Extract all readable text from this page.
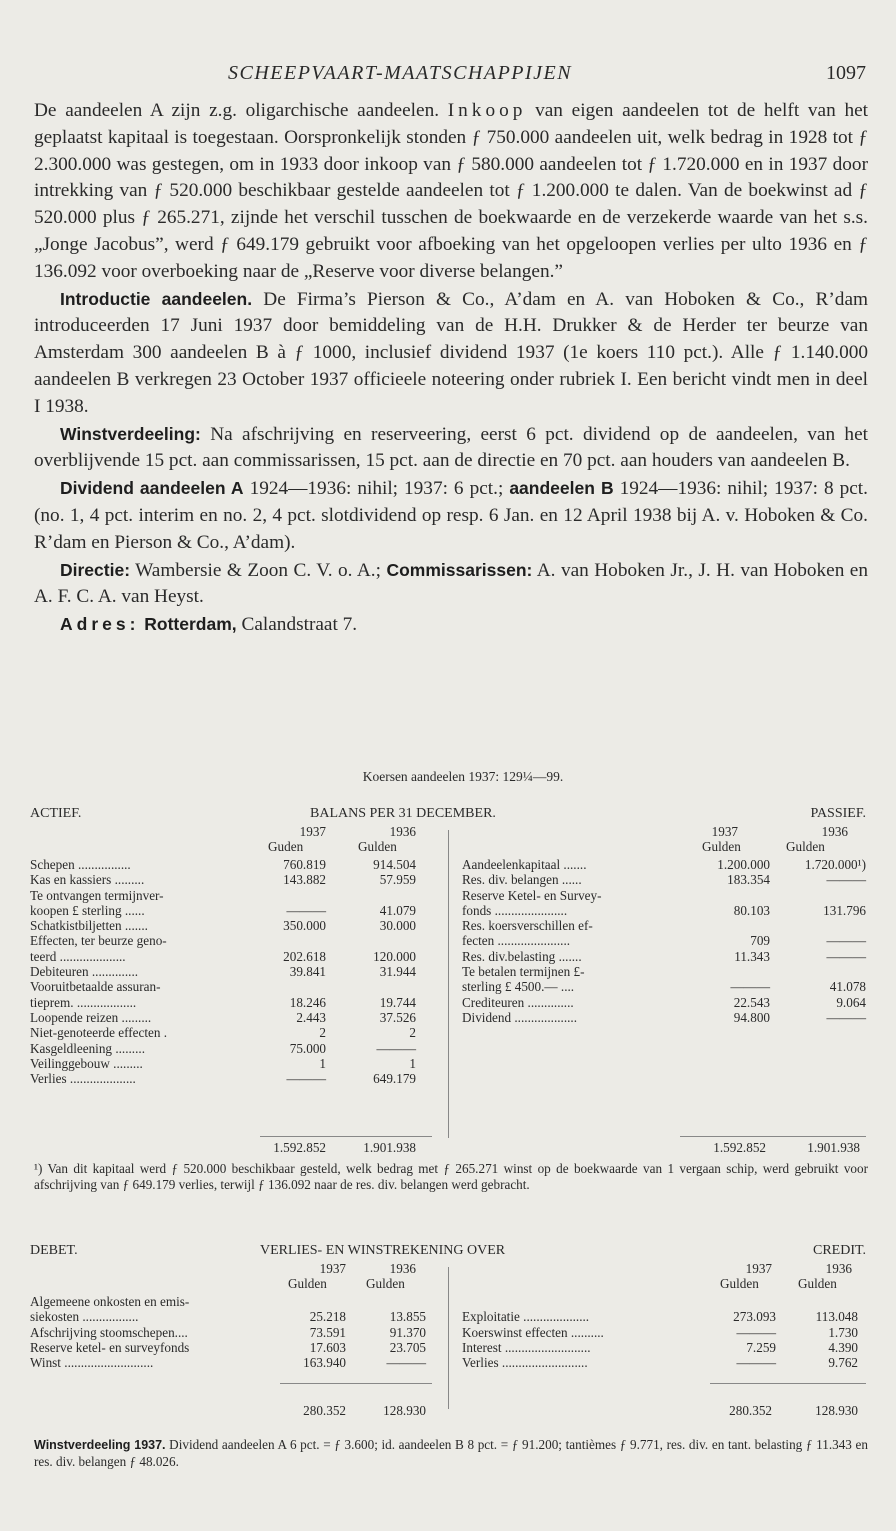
SCHEEPVAART-MAATSCHAPPIJEN	1097

De aandeelen A zijn z.g. oligarchische aandeelen. Inkoop van eigen aandeelen tot de helft van het geplaatst kapitaal is toegestaan. Oorspronkelijk stonden ƒ 750.000 aandeelen uit, welk bedrag in 1928 tot ƒ 2.300.000 was gestegen, om in 1933 door inkoop van ƒ 580.000 aandeelen tot ƒ 1.720.000 en in 1937 door intrekking van ƒ 520.000 beschikbaar gestelde aandeelen tot ƒ 1.200.000 te dalen. Van de boekwinst ad ƒ 520.000 plus ƒ 265.271, zijnde het verschil tusschen de boekwaarde en de verzekerde waarde van het s.s. „Jonge Jacobus”, werd ƒ 649.179 gebruikt voor afboeking van het opgeloopen verlies per ulto 1936 en ƒ 136.092 voor overboeking naar de „Reserve voor diverse belangen.”

Introductie aandeelen. De Firma’s Pierson & Co., A’dam en A. van Hoboken & Co., R’dam introduceerden 17 Juni 1937 door bemiddeling van de H.H. Drukker & de Herder ter beurze van Amsterdam 300 aandeelen B à ƒ 1000, inclusief dividend 1937 (1e koers 110 pct.). Alle ƒ 1.140.000 aandeelen B verkregen 23 October 1937 officieele noteering onder rubriek I. Een bericht vindt men in deel I 1938.

Winstverdeeling: Na afschrijving en reserveering, eerst 6 pct. dividend op de aandeelen, van het overblijvende 15 pct. aan commissarissen, 15 pct. aan de directie en 70 pct. aan houders van aandeelen B.

Dividend aandeelen A 1924—1936: nihil; 1937: 6 pct.; aandeelen B 1924—1936: nihil; 1937: 8 pct. (no. 1, 4 pct. interim en no. 2, 4 pct. slotdividend op resp. 6 Jan. en 12 April 1938 bij A. v. Hoboken & Co. R’dam en Pierson & Co., A’dam).

Directie: Wambersie & Zoon C. V. o. A.; Commissarissen: A. van Hoboken Jr., J. H. van Hoboken en A. F. C. A. van Heyst.

Adres: Rotterdam, Calandstraat 7.

Koersen aandeelen 1937: 129¼—99.
ACTIEF.	BALANS PER 31 DECEMBER.	PASSIEF.
1937	1936	1937	1936
Guden	Gulden	Gulden	Gulden
Schepen ................	760.819	914.504
Kas en kassiers .........	143.882	57.959
Te ontvangen termijnver-
koopen £ sterling ......	———	41.079
Schatkistbiljetten .......	350.000	30.000
Effecten, ter beurze geno-
teerd ....................	202.618	120.000
Debiteuren ..............	39.841	31.944
Vooruitbetaalde assuran-
tieprem. ..................	18.246	19.744
Loopende reizen .........	2.443	37.526
Niet-genoteerde effecten .	2	2
Kasgeldleening .........	75.000	———
Veilinggebouw .........	1	1
Verlies ....................	———	649.179
Aandeelenkapitaal .......	1.200.000	1.720.000¹)
Res. div. belangen ......	183.354	———
Reserve Ketel- en Survey-
fonds ......................	80.103	131.796
Res. koersverschillen ef-
fecten ......................	709	———
Res. div.belasting .......	11.343	———
Te betalen termijnen £-
sterling £ 4500.— ....	———	41.078
Crediteuren ..............	22.543	9.064
Dividend ...................	94.800	———
1.592.852	1.901.938	1.592.852	1.901.938
¹) Van dit kapitaal werd ƒ 520.000 beschikbaar gesteld, welk bedrag met ƒ 265.271 winst op de boekwaarde van 1 vergaan schip, werd gebruikt voor afschrijving van ƒ 649.179 verlies, terwijl ƒ 136.092 naar de res. div. belangen werd gebracht.
DEBET.	VERLIES- EN WINSTREKENING OVER	CREDIT.
1937	1936	1937	1936
Gulden	Gulden	Gulden	Gulden
Algemeene onkosten en emis-
siekosten .................	25.218	13.855
Afschrijving stoomschepen....	73.591	91.370
Reserve ketel- en surveyfonds	17.603	23.705
Winst ...........................	163.940	———
Exploitatie ....................	273.093	113.048
Koerswinst effecten ..........	———	1.730
Interest ..........................	7.259	4.390
Verlies ..........................	———	9.762
280.352	128.930	280.352	128.930

Winstverdeeling 1937. Dividend aandeelen A 6 pct. = ƒ 3.600; id. aandeelen B 8 pct. = ƒ 91.200; tantièmes ƒ 9.771, res. div. en tant. belasting ƒ 11.343 en res. div. belangen ƒ 48.026.
